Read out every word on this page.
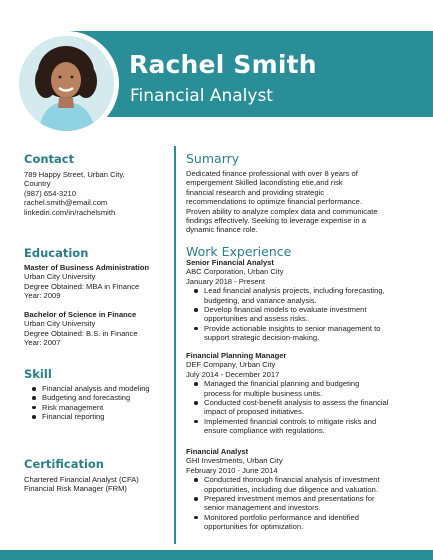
Rachel Smith
Financial Analyst
Contact
789 Happy Street, Urban City,
Country
(987) 654-3210
rachel.smith@email.com
linkedin.com/in/rachelsmith
Education
Master of Business Administration
Urban City University
Degree Obtained: MBA in Finance
Year: 2009
Bachelor of Science in Finance
Urban City University
Degree Obtained: B.S. in Finance
Year: 2007
Skill
Financial analysis and modeling
Budgeting and forecasting
Risk management
Financial reporting
Certification
Chartered Financial Analyst (CFA)
Financial Risk Manager (FRM)
Sumarry
Dedicated finance professional with over 8 years of
empergement Skilled lacondisting etie,and risk
financial research and providing strategic
recommendations to optimize financial performance.
Proven ability to analyze complex data and communicate
findings effectively. Seeking to leverage expertise in a
dynamic finance role.
Work Experience
Senior Financial Analyst
ABC Corporation, Urban City
January 2018 - Present
Lead financial analysis projects, including forecasting,
budgeting, and variance analysis.
Develop financial models to evaluate investment
opportunities and assess risks.
Provide actionable insights to senior management to
support strategic decision-making.
Financial Planning Manager
DEF Company, Urban City
July 2014 - December 2017
Managed the financial planning and budgeting
process for multiple business units.
Conducted cost-benefit analysis to assess the financial
impact of proposed initiatives.
Implemented financial controls to mitigate risks and
ensure compliance with regulations.
Financial Analyst
GHI Investments, Urban City
February 2010 - June 2014
Conducted thorough financial analysis of investment
opportunities, including due diligence and valuation.
Prepared investment memos and presentations for
senior management and investors.
Monitored portfolio performance and identified
opportunities for optimization.
